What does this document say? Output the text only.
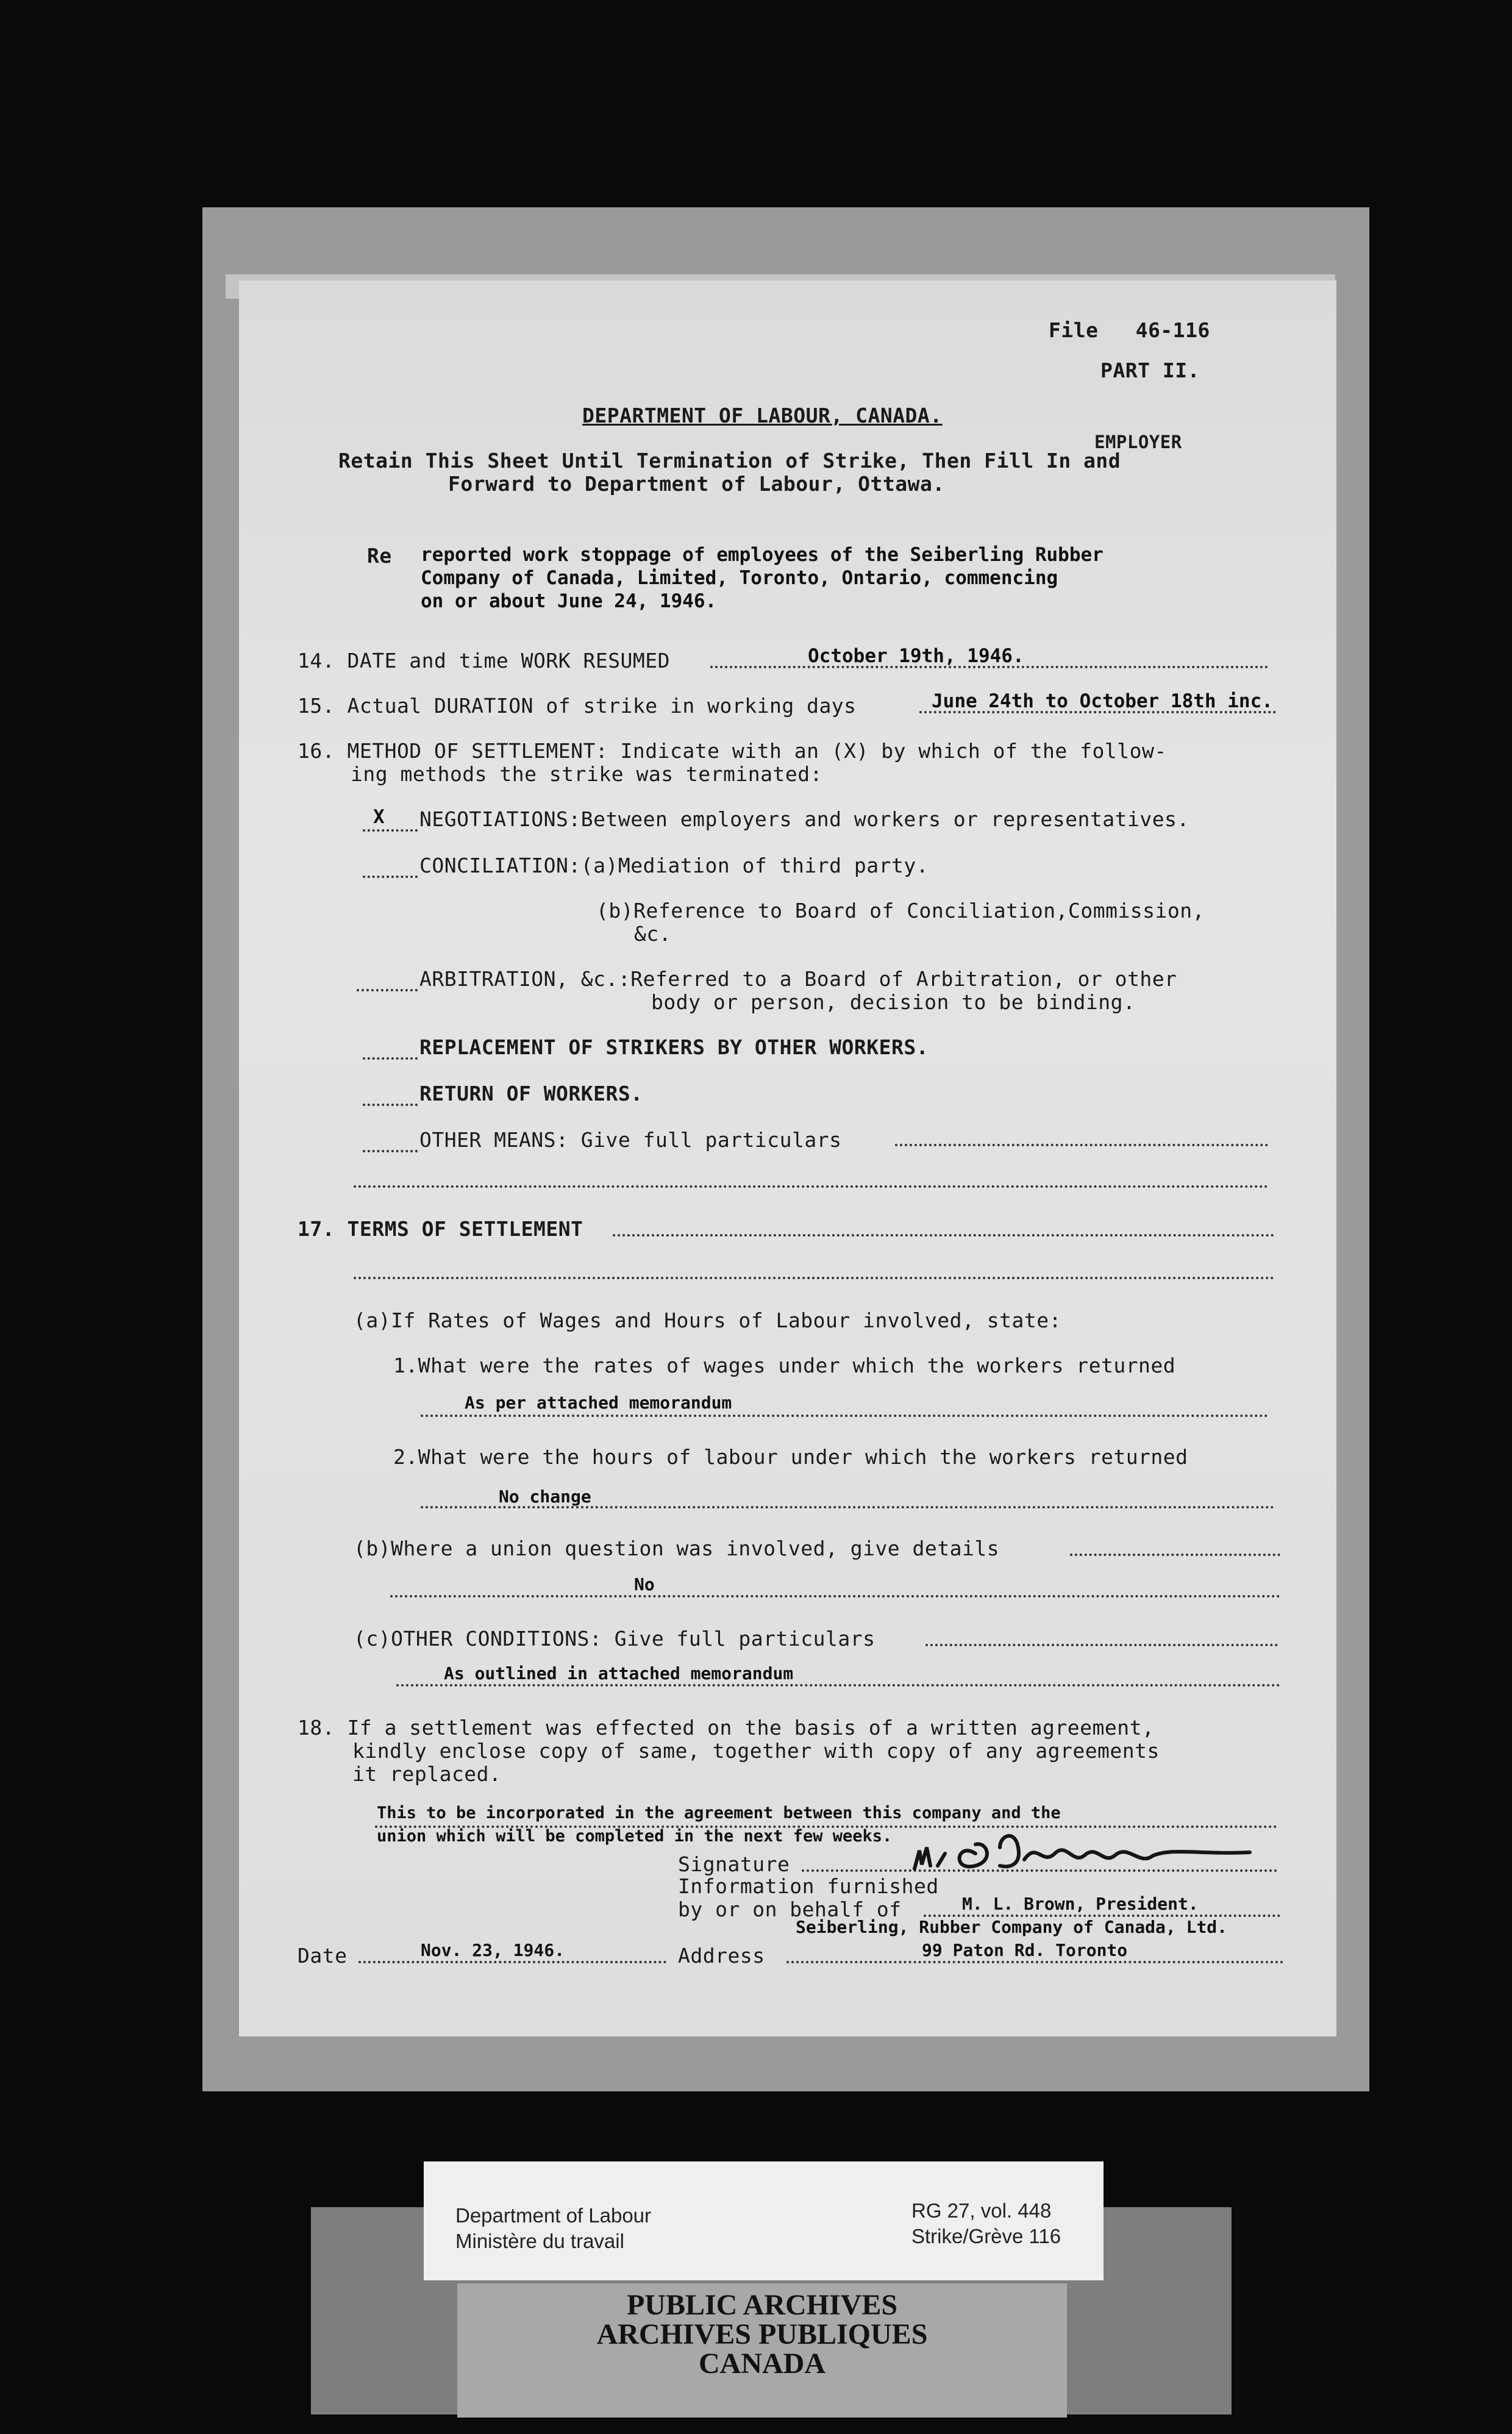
File   46-116
PART II.
DEPARTMENT OF LABOUR, CANADA.
EMPLOYER
Retain This Sheet Until Termination of Strike, Then Fill In and
Forward to Department of Labour, Ottawa.
Re reported work stoppage of employees of the Seiberling Rubber
Company of Canada, Limited, Toronto, Ontario, commencing
on or about June 24, 1946.
14. DATE and time WORK RESUMED	October 19th, 1946.
15. Actual DURATION of strike in working days	June 24th to October 18th inc.
16. METHOD OF SETTLEMENT: Indicate with an (X) by which of the follow-
ing methods the strike was terminated:
X NEGOTIATIONS:Between employers and workers or representatives.
CONCILIATION:(a)Mediation of third party.
(b)Reference to Board of Conciliation,Commission,
&c.
ARBITRATION, &c.:Referred to a Board of Arbitration, or other
body or person, decision to be binding.
REPLACEMENT OF STRIKERS BY OTHER WORKERS.
RETURN OF WORKERS.
OTHER MEANS: Give full particulars
17. TERMS OF SETTLEMENT
(a)If Rates of Wages and Hours of Labour involved, state:
1.What were the rates of wages under which the workers returned
As per attached memorandum
2.What were the hours of labour under which the workers returned
No change
(b)Where a union question was involved, give details
No
(c)OTHER CONDITIONS: Give full particulars
As outlined in attached memorandum
18. If a settlement was effected on the basis of a written agreement,
kindly enclose copy of same, together with copy of any agreements
it replaced.
This to be incorporated in the agreement between this company and the
union which will be completed in the next few weeks.
Signature
Information furnished
by or on behalf of	M. L. Brown, President.
Seiberling, Rubber Company of Canada, Ltd.
Date	Nov. 23, 1946.	Address	99 Paton Rd. Toronto
Department of Labour
Ministère du travail
RG 27, vol. 448
Strike/Grève 116
PUBLIC ARCHIVES
ARCHIVES PUBLIQUES
CANADA
